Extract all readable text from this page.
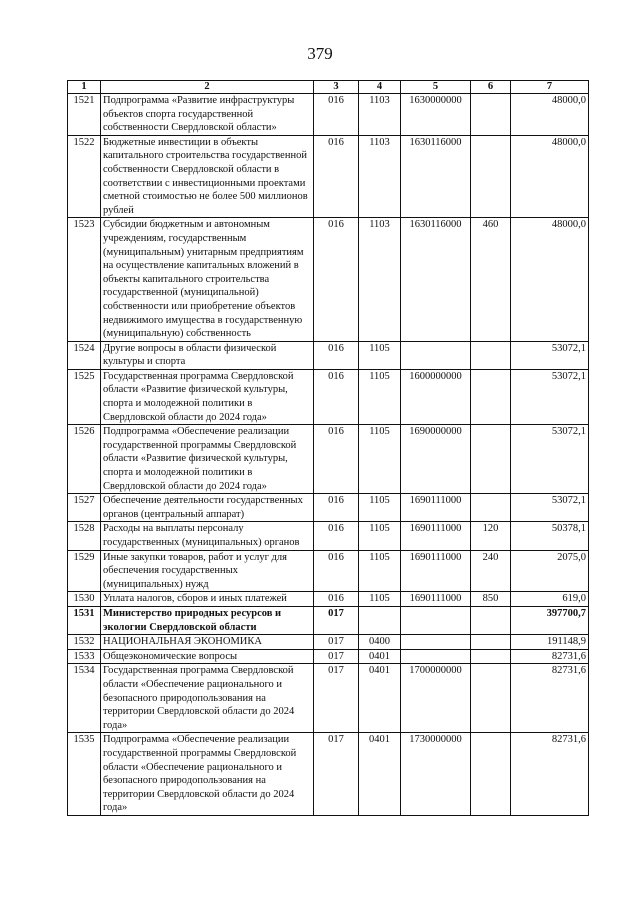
379
1	2	3	4	5	6	7
1521	Подпрограмма «Развитие инфраструктуры объектов спорта государственной собственности Свердловской области»	016	1103	1630000000		48000,0
1522	Бюджетные инвестиции в объекты капитального строительства государственной собственности Свердловской области в соответствии с инвестиционными проектами сметной стоимостью не более 500 миллионов рублей	016	1103	1630116000		48000,0
1523	Субсидии бюджетным и автономным учреждениям, государственным (муниципальным) унитарным предприятиям на осуществление капитальных вложений в объекты капитального строительства государственной (муниципальной) собственности или приобретение объектов недвижимого имущества в государственную (муниципальную) собственность	016	1103	1630116000	460	48000,0
1524	Другие вопросы в области физической культуры и спорта	016	1105			53072,1
1525	Государственная программа Свердловской области «Развитие физической культуры, спорта и молодежной политики в Свердловской области до 2024 года»	016	1105	1600000000		53072,1
1526	Подпрограмма «Обеспечение реализации государственной программы Свердловской области «Развитие физической культуры, спорта и молодежной политики в Свердловской области до 2024 года»	016	1105	1690000000		53072,1
1527	Обеспечение деятельности государственных органов (центральный аппарат)	016	1105	1690111000		53072,1
1528	Расходы на выплаты персоналу государственных (муниципальных) органов	016	1105	1690111000	120	50378,1
1529	Иные закупки товаров, работ и услуг для обеспечения государственных (муниципальных) нужд	016	1105	1690111000	240	2075,0
1530	Уплата налогов, сборов и иных платежей	016	1105	1690111000	850	619,0
1531	Министерство природных ресурсов и экологии Свердловской области	017				397700,7
1532	НАЦИОНАЛЬНАЯ ЭКОНОМИКА	017	0400			191148,9
1533	Общеэкономические вопросы	017	0401			82731,6
1534	Государственная программа Свердловской области «Обеспечение рационального и безопасного природопользования на территории Свердловской области до 2024 года»	017	0401	1700000000		82731,6
1535	Подпрограмма «Обеспечение реализации государственной программы Свердловской области «Обеспечение рационального и безопасного природопользования на территории Свердловской области до 2024 года»	017	0401	1730000000		82731,6
